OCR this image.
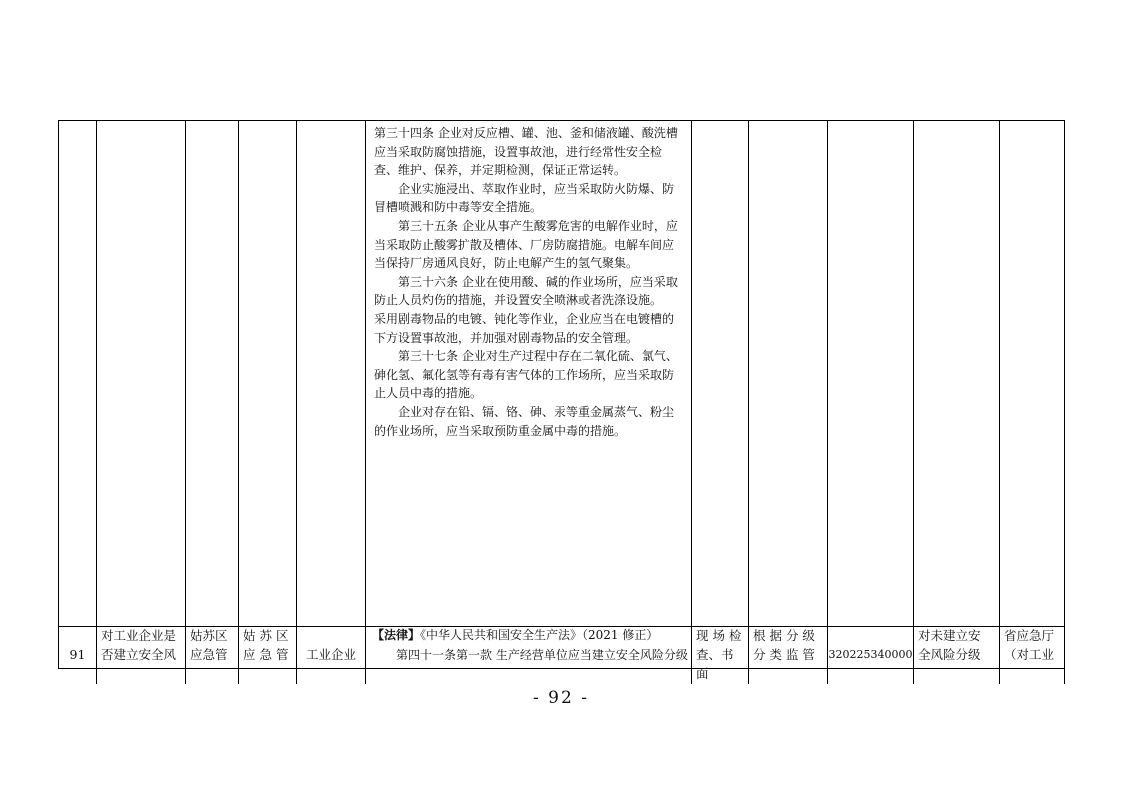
第三十四条 企业对反应槽、罐、池、釜和储液罐、酸洗槽应当采取防腐蚀措施，设置事故池，进行经常性安全检查、维护、保养，并定期检测，保证正常运转。

企业实施浸出、萃取作业时，应当采取防火防爆、防冒槽喷溅和防中毒等安全措施。

第三十五条 企业从事产生酸雾危害的电解作业时，应当采取防止酸雾扩散及槽体、厂房防腐措施。电解车间应当保持厂房通风良好，防止电解产生的氢气聚集。

第三十六条 企业在使用酸、碱的作业场所，应当采取防止人员灼伤的措施，并设置安全喷淋或者洗涤设施。

采用剧毒物品的电镀、钝化等作业，企业应当在电镀槽的下方设置事故池，并加强对剧毒物品的安全管理。

第三十七条 企业对生产过程中存在二氧化硫、氯气、砷化氢、氟化氢等有毒有害气体的工作场所，应当采取防止人员中毒的措施。

企业对存在铅、镉、铬、砷、汞等重金属蒸气、粉尘的作业场所，应当采取预防重金属中毒的措施。

91
对工业企业是
否建立安全风
姑苏区
应急管
姑 苏 区
应 急 管 工业企业
【法律】《中华人民共和国安全生产法》（2021 修正）
第四十一条第一款 生产经营单位应当建立安全风险分级
现 场 检
查、书面
根 据 分 级
分 类 监 管	320225340000
对未建立安
全风险分级
省应急厅
（对工业
- 92 -
